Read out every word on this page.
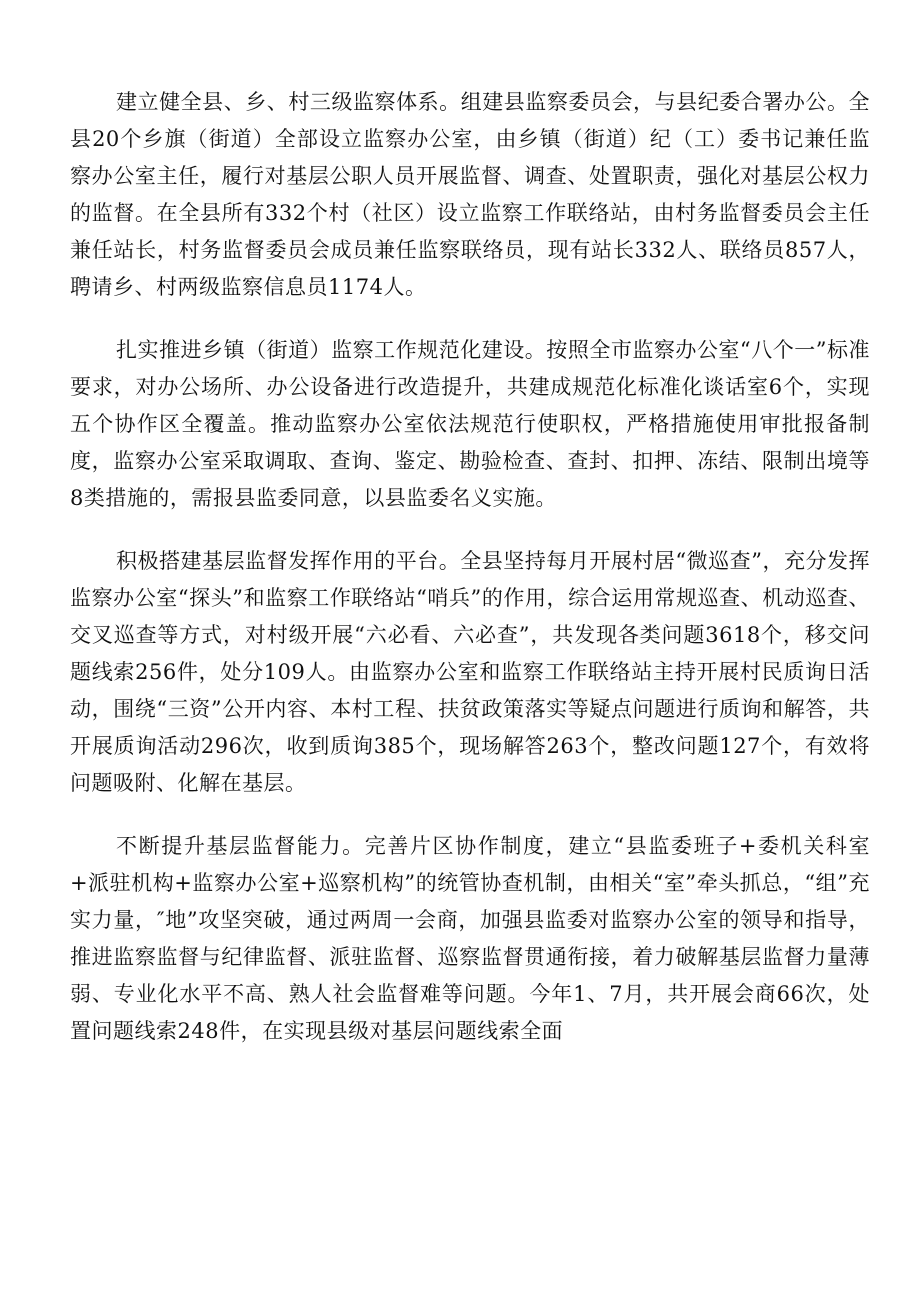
建立健全县、乡、村三级监察体系。组建县监察委员会，与县纪委合署办公。全县20个乡旗（街道）全部设立监察办公室，由乡镇（街道）纪（工）委书记兼任监察办公室主任，履行对基层公职人员开展监督、调查、处置职责，强化对基层公权力的监督。在全县所有332个村（社区）设立监察工作联络站，由村务监督委员会主任兼任站长，村务监督委员会成员兼任监察联络员，现有站长332人、联络员857人，聘请乡、村两级监察信息员1174人。

扎实推进乡镇（街道）监察工作规范化建设。按照全市监察办公室“八个一”标准要求，对办公场所、办公设备进行改造提升，共建成规范化标准化谈话室6个，实现五个协作区全覆盖。推动监察办公室依法规范行使职权，严格措施使用审批报备制度，监察办公室采取调取、查询、鉴定、勘验检查、查封、扣押、冻结、限制出境等8类措施的，需报县监委同意，以县监委名义实施。

积极搭建基层监督发挥作用的平台。全县坚持每月开展村居“微巡查”，充分发挥监察办公室“探头”和监察工作联络站“哨兵”的作用，综合运用常规巡查、机动巡查、交叉巡查等方式，对村级开展“六必看、六必查”，共发现各类问题3618个，移交问题线索256件，处分109人。由监察办公室和监察工作联络站主持开展村民质询日活动，围绕“三资”公开内容、本村工程、扶贫政策落实等疑点问题进行质询和解答，共开展质询活动296次，收到质询385个，现场解答263个，整改问题127个，有效将问题吸附、化解在基层。

不断提升基层监督能力。完善片区协作制度，建立“县监委班子+委机关科室+派驻机构+监察办公室+巡察机构”的统管协查机制，由相关“室”牵头抓总，“组”充实力量，″地”攻坚突破，通过两周一会商，加强县监委对监察办公室的领导和指导，推进监察监督与纪律监督、派驻监督、巡察监督贯通衔接，着力破解基层监督力量薄弱、专业化水平不高、熟人社会监督难等问题。今年1、7月，共开展会商66次，处置问题线索248件，在实现县级对基层问题线索全面
